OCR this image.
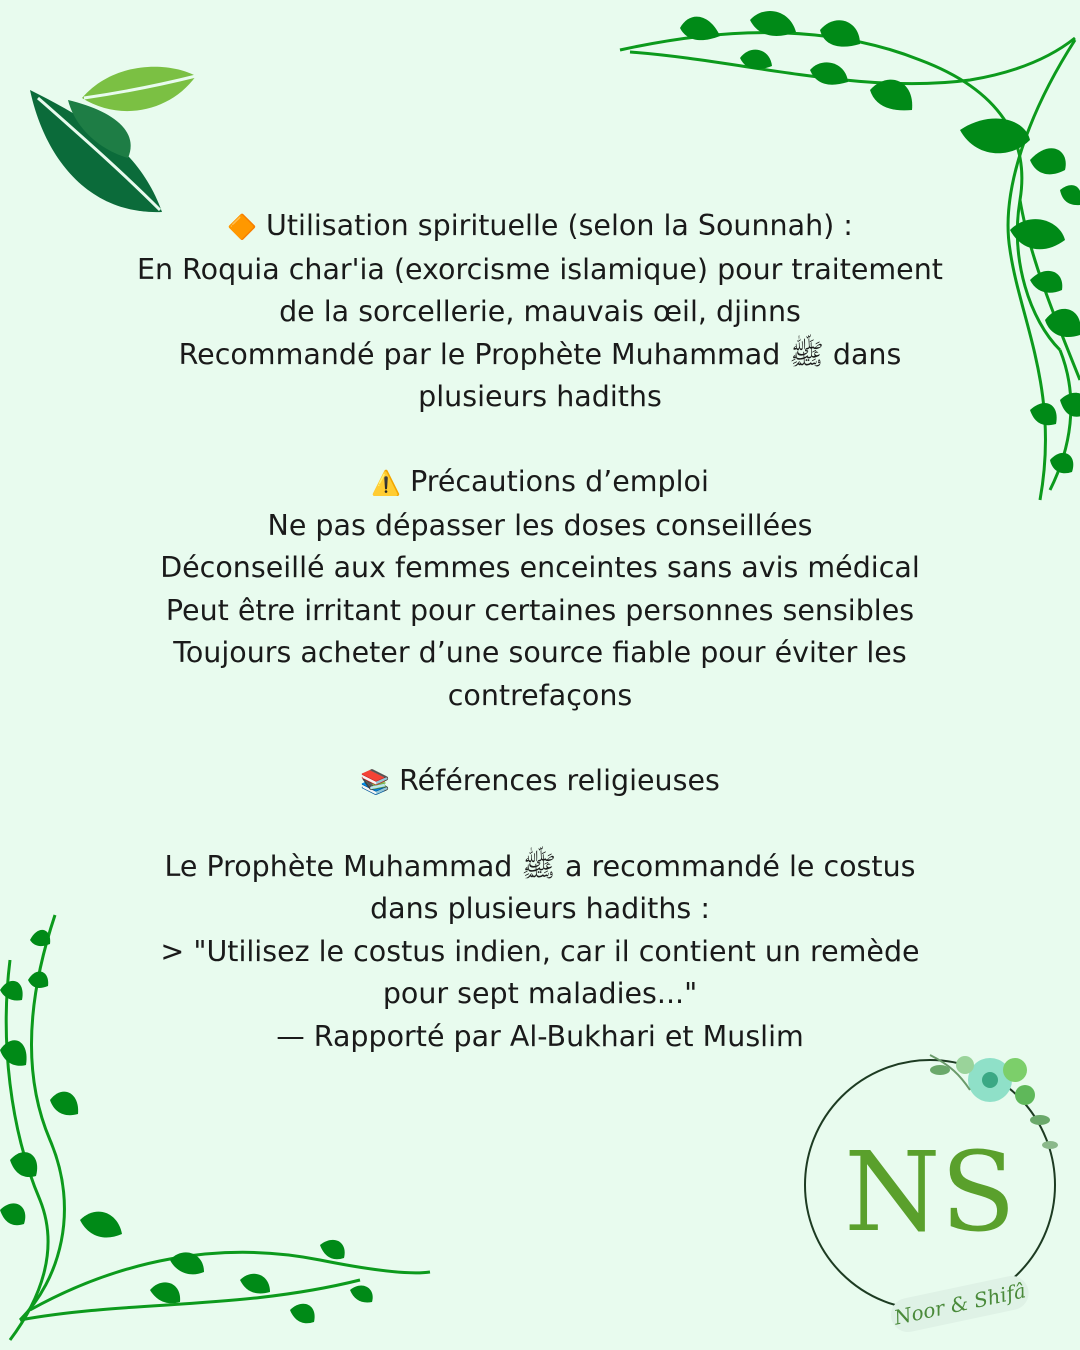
NS
Noor & Shifâ

🔶 Utilisation spirituelle (selon la Sounnah) :

En Roquia char'ia (exorcisme islamique) pour traitement de la sorcellerie, mauvais œil, djinns

Recommandé par le Prophète Muhammad ﷺ dans plusieurs hadiths

⚠️ Précautions d’emploi

Ne pas dépasser les doses conseillées

Déconseillé aux femmes enceintes sans avis médical

Peut être irritant pour certaines personnes sensibles

Toujours acheter d’une source fiable pour éviter les contrefaçons

📚 Références religieuses

Le Prophète Muhammad ﷺ a recommandé le costus dans plusieurs hadiths :

> "Utilisez le costus indien, car il contient un remède pour sept maladies..."

— Rapporté par Al-Bukhari et Muslim
